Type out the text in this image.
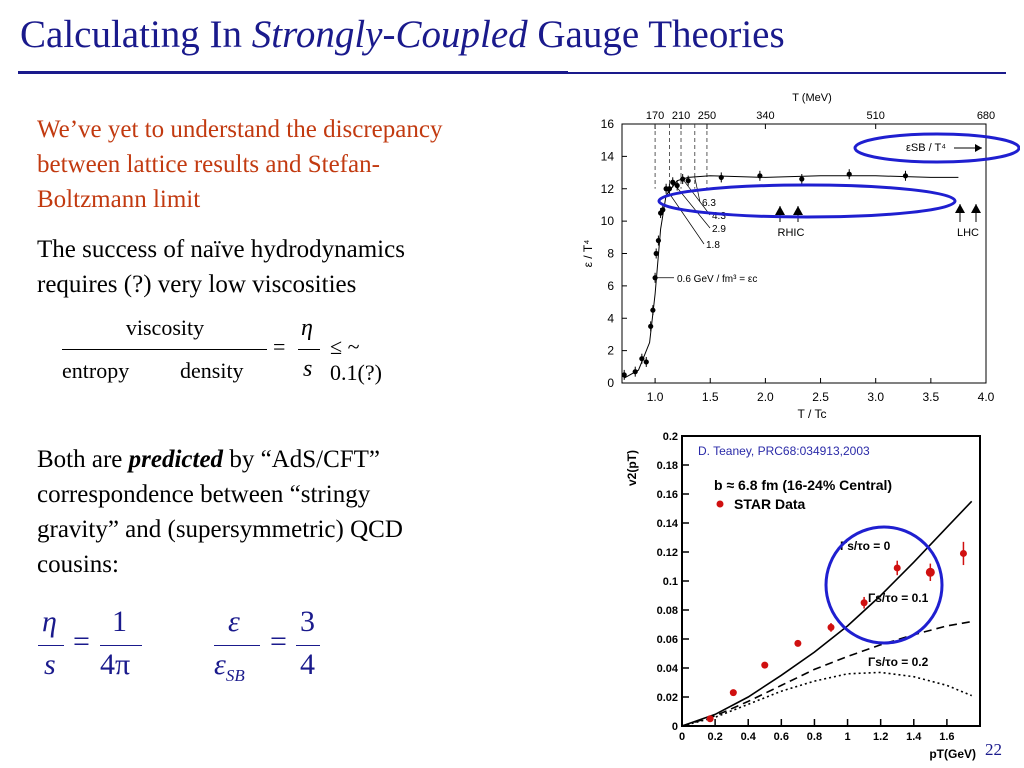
Calculating In Strongly-Coupled Gauge Theories
We’ve yet to understand the discrepancy
between lattice results and Stefan-
Boltzmann limit
The success of naïve hydrodynamics
requires (?) very low viscosities
viscosity
entropy density
=
η
s
≤ ~ 0.1(?)
Both are predicted by “AdS/CFT”
correspondence between “stringy
gravity” and (supersymmetric) QCD
cousins:
η
s
=
1
4π
ε
$\varepsilon_{SB}$
=
3
4
0
2
4
6
8
10
12
14
16
1.0	1.5	2.0	2.5	3.0	3.5	4.0
170 210 250	340	510	680
T (MeV)
T / Tc
ε / T⁴
εSB / T⁴
6.3
4.3
2.9
1.8
0.6 GeV / fm³ = εc
RHIC	LHC
0
0.02
0.04
0.06
0.08
0.1
0.12
0.14
0.16
0.18
0.2
0 0.2 0.4 0.6 0.8 1 1.2 1.4 1.6
pT(GeV)
v2(pT)	D. Teaney, PRC68:034913,2003
b ≈ 6.8 fm (16-24% Central)
STAR Data
Γs/τo = 0
Γs/τo = 0.1
Γs/τo = 0.2
22
